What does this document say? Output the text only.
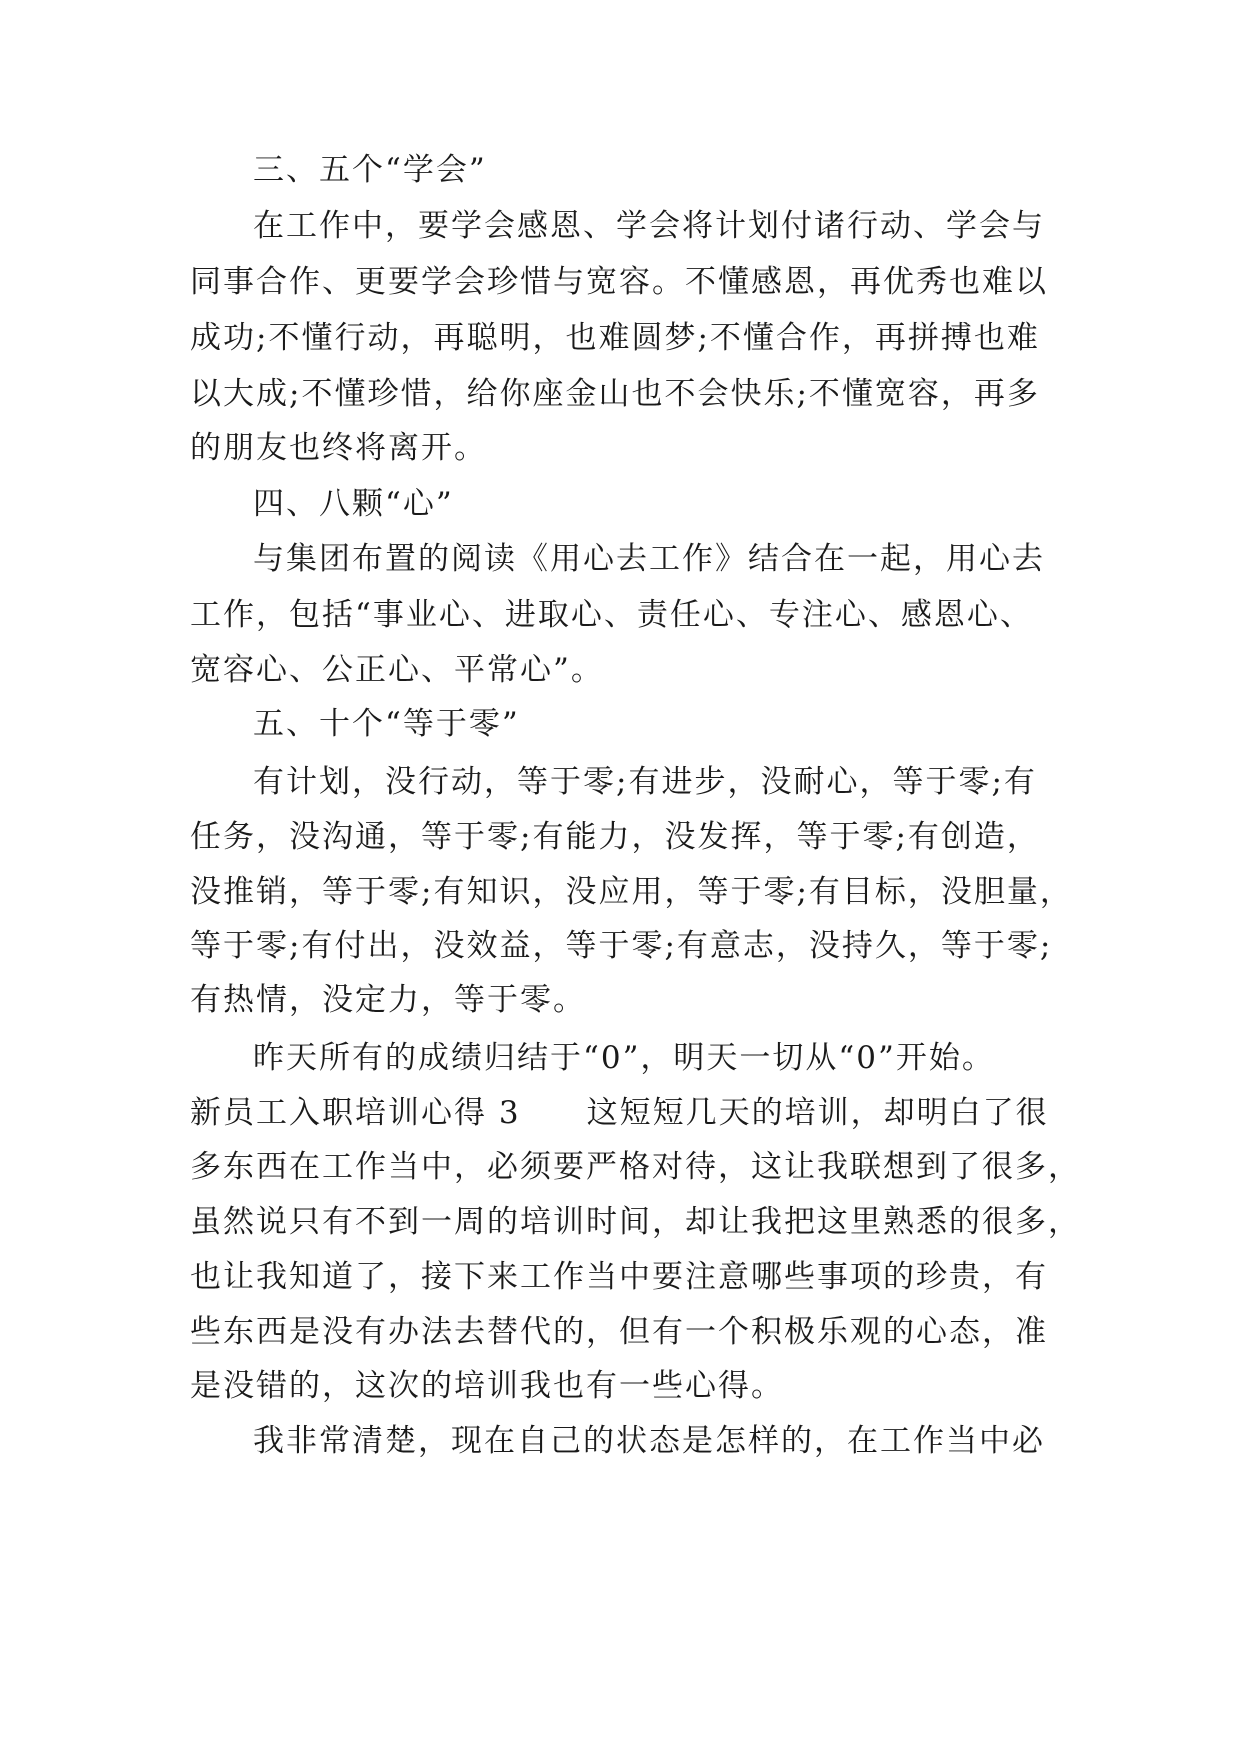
三、五个“学会”
在工作中，要学会感恩、学会将计划付诸行动、学会与
同事合作、更要学会珍惜与宽容。不懂感恩，再优秀也难以
成功;不懂行动，再聪明，也难圆梦;不懂合作，再拼搏也难
以大成;不懂珍惜，给你座金山也不会快乐;不懂宽容，再多
的朋友也终将离开。
四、八颗“心”
与集团布置的阅读《用心去工作》结合在一起，用心去
工作，包括“事业心、进取心、责任心、专注心、感恩心、
宽容心、公正心、平常心”。
五、十个“等于零”
有计划，没行动，等于零;有进步，没耐心，等于零;有
任务，没沟通，等于零;有能力，没发挥，等于零;有创造，
没推销，等于零;有知识，没应用，等于零;有目标，没胆量，
等于零;有付出，没效益，等于零;有意志，没持久，等于零;
有热情，没定力，等于零。
昨天所有的成绩归结于“0”，明天一切从“0”开始。
新员工入职培训心得 3　　这短短几天的培训，却明白了很
多东西在工作当中，必须要严格对待，这让我联想到了很多，
虽然说只有不到一周的培训时间，却让我把这里熟悉的很多，
也让我知道了，接下来工作当中要注意哪些事项的珍贵，有
些东西是没有办法去替代的，但有一个积极乐观的心态，准
是没错的，这次的培训我也有一些心得。
我非常清楚，现在自己的状态是怎样的，在工作当中必
